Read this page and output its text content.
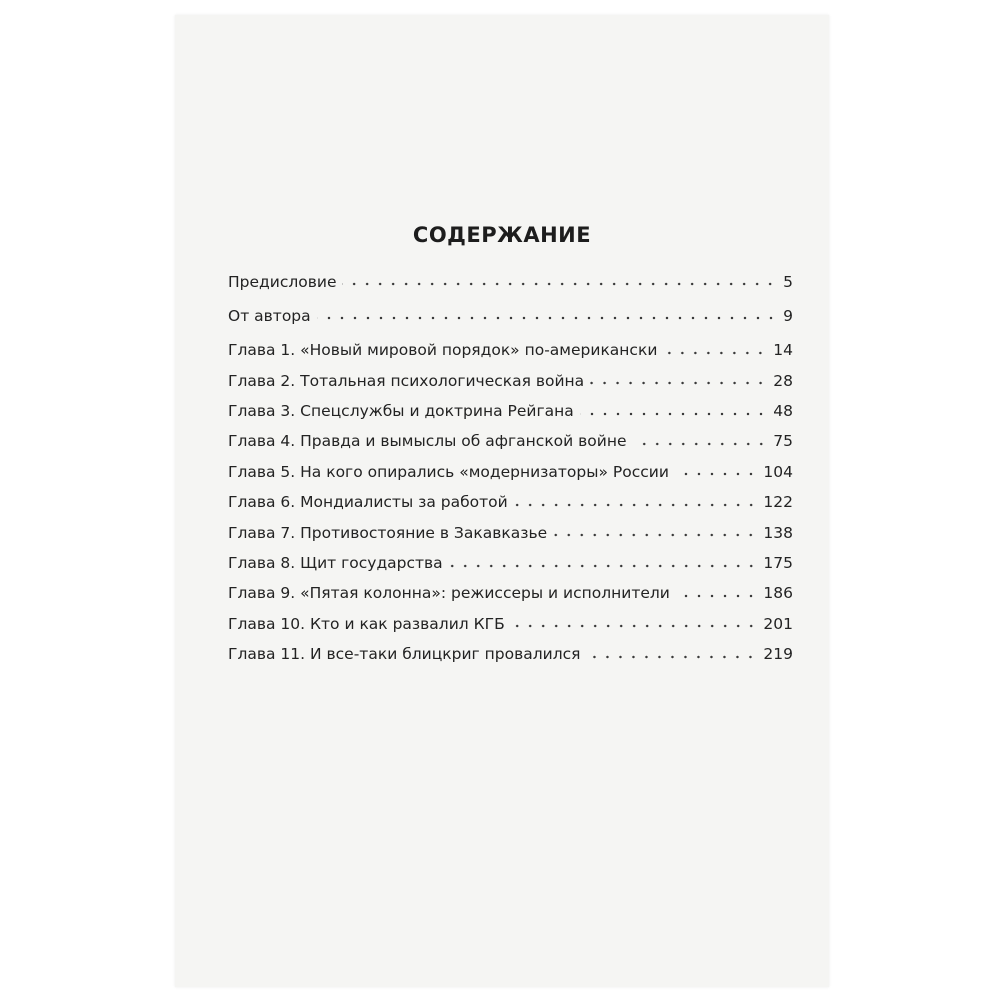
СОДЕРЖАНИЕ
Предисловие	5
От автора	9
Глава 1. «Новый мировой порядок» по-американски	14
Глава 2. Тотальная психологическая война	28
Глава 3. Спецслужбы и доктрина Рейгана	48
Глава 4. Правда и вымыслы об афганской войне	75
Глава 5. На кого опирались «модернизаторы» России	104
Глава 6. Мондиалисты за работой	122
Глава 7. Противостояние в Закавказье	138
Глава 8. Щит государства	175
Глава 9. «Пятая колонна»: режиссеры и исполнители	186
Глава 10. Кто и как развалил КГБ	201
Глава 11. И все-таки блицкриг провалился	219
